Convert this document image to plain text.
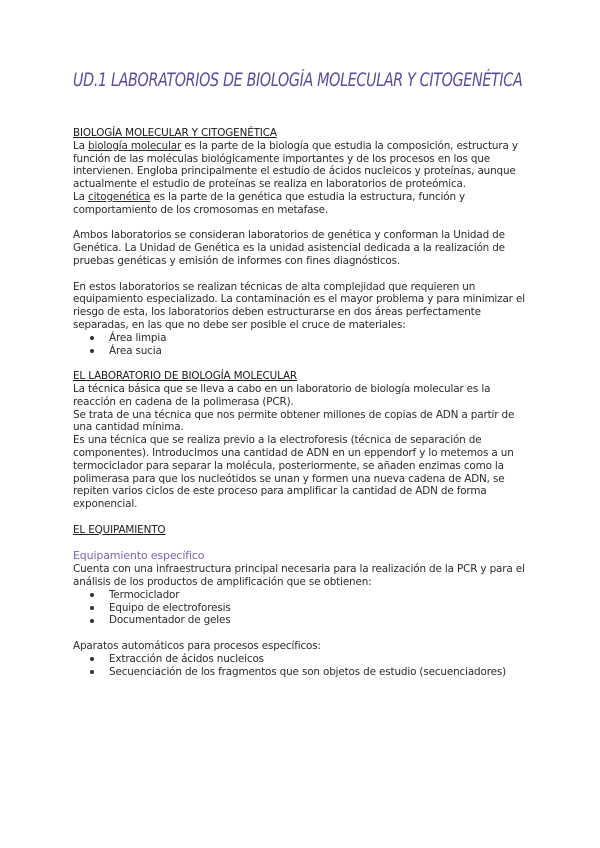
UD.1 LABORATORIOS DE BIOLOGÍA MOLECULAR Y CITOGENÉTICA
BIOLOGÍA MOLECULAR Y CITOGENÉTICA

La biología molecular es la parte de la biología que estudia la composición, estructura y función de las moléculas biológicamente importantes y de los procesos en los que intervienen. Engloba principalmente el estudio de ácidos nucleicos y proteínas, aunque actualmente el estudio de proteínas se realiza en laboratorios de proteómica.

La citogenética es la parte de la genética que estudia la estructura, función y comportamiento de los cromosomas en metafase.

Ambos laboratorios se consideran laboratorios de genética y conforman la Unidad de Genética. La Unidad de Genética es la unidad asistencial dedicada a la realización de pruebas genéticas y emisión de informes con fines diagnósticos.

En estos laboratorios se realizan técnicas de alta complejidad que requieren un equipamiento especializado. La contaminación es el mayor problema y para minimizar el riesgo de esta, los laboratorios deben estructurarse en dos áreas perfectamente separadas, en las que no debe ser posible el cruce de materiales:

Área limpia
Área sucia
EL LABORATORIO DE BIOLOGÍA MOLECULAR

La técnica básica que se lleva a cabo en un laboratorio de biología molecular es la reacción en cadena de la polimerasa (PCR).

Se trata de una técnica que nos permite obtener millones de copias de ADN a partir de una cantidad mínima.

Es una técnica que se realiza previo a la electroforesis (técnica de separación de componentes). Introducimos una cantidad de ADN en un eppendorf y lo metemos a un termociclador para separar la molécula, posteriormente, se añaden enzimas como la polimerasa para que los nucleótidos se unan y formen una nueva cadena de ADN, se repiten varios ciclos de este proceso para amplificar la cantidad de ADN de forma exponencial.

EL EQUIPAMIENTO
Equipamiento específico

Cuenta con una infraestructura principal necesaria para la realización de la PCR y para el análisis de los productos de amplificación que se obtienen:

Termociclador
Equipo de electroforesis
Documentador de geles

Aparatos automáticos para procesos específicos:

Extracción de ácidos nucleicos
Secuenciación de los fragmentos que son objetos de estudio (secuenciadores)
